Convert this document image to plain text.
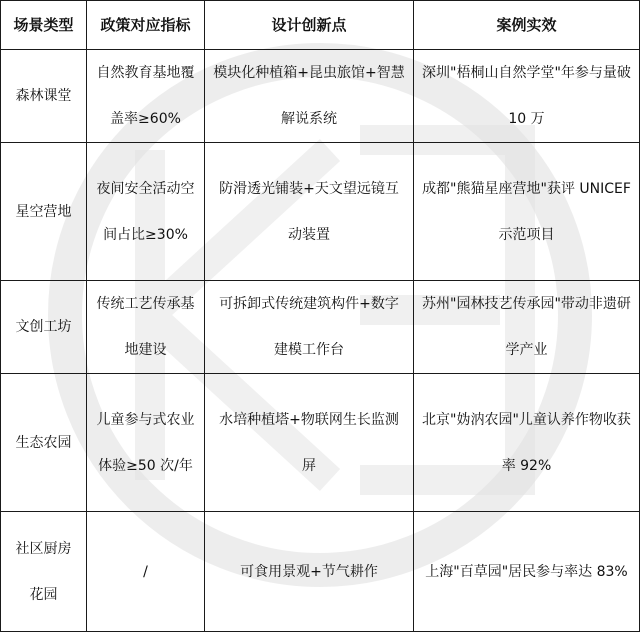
场景类型	政策对应指标	设计创新点	案例实效
森林课堂	自然教育基地覆盖率≥60%	模块化种植箱+昆虫旅馆+智慧解说系统	深圳"梧桐山自然学堂"年参与量破 10 万
星空营地	夜间安全活动空间占比≥30%	防滑透光铺装+天文望远镜互动装置	成都"熊猫星座营地"获评 UNICEF 示范项目
文创工坊	传统工艺传承基地建设	可拆卸式传统建筑构件+数字建模工作台	苏州"园林技艺传承园"带动非遗研学产业
生态农园	儿童参与式农业体验≥50 次/年	水培种植塔+物联网生长监测屏	北京"妫汭农园"儿童认养作物收获率 92%
社区厨房花园	/	可食用景观+节气耕作	上海"百草园"居民参与率达 83%
